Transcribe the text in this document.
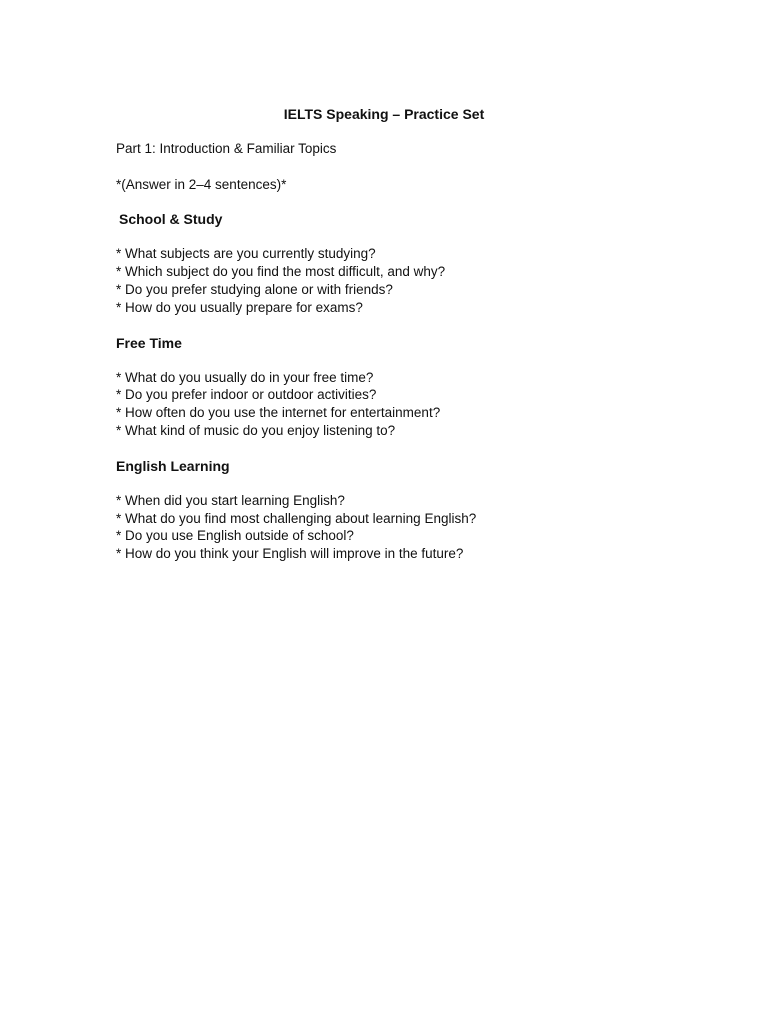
IELTS Speaking – Practice Set

Part 1: Introduction & Familiar Topics

*(Answer in 2–4 sentences)*

School & Study

* What subjects are you currently studying?
* Which subject do you find the most difficult, and why?
* Do you prefer studying alone or with friends?
* How do you usually prepare for exams?

Free Time

* What do you usually do in your free time?
* Do you prefer indoor or outdoor activities?
* How often do you use the internet for entertainment?
* What kind of music do you enjoy listening to?

English Learning

* When did you start learning English?
* What do you find most challenging about learning English?
* Do you use English outside of school?
* How do you think your English will improve in the future?
